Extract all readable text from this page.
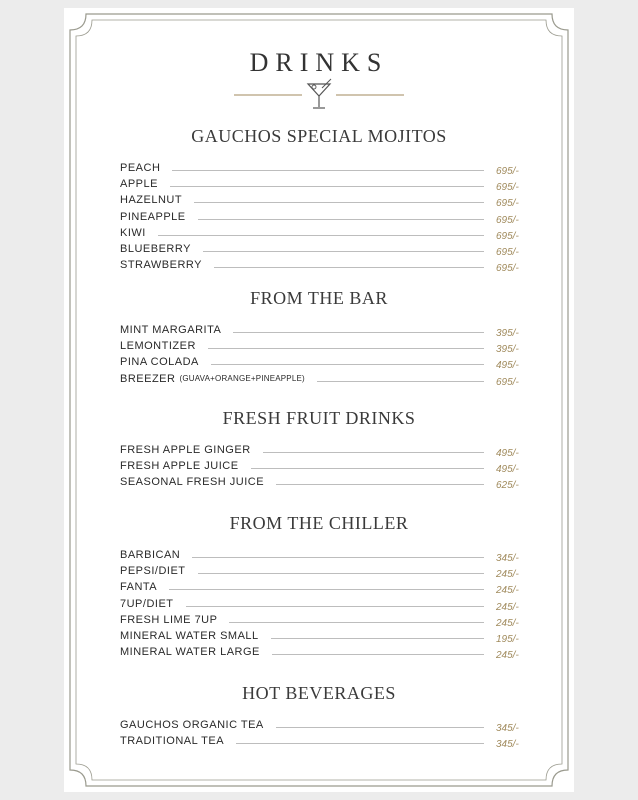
DRINKS
GAUCHOS SPECIAL MOJITOS
PEACH	695/-
APPLE	695/-
HAZELNUT	695/-
PINEAPPLE	695/-
KIWI	695/-
BLUEBERRY	695/-
STRAWBERRY	695/-
FROM THE BAR
MINT MARGARITA	395/-
LEMONTIZER	395/-
PINA COLADA	495/-
BREEZER (GUAVA+ORANGE+PINEAPPLE)	695/-
FRESH FRUIT DRINKS
FRESH APPLE GINGER	495/-
FRESH APPLE JUICE	495/-
SEASONAL FRESH JUICE	625/-
FROM THE CHILLER
BARBICAN	345/-
PEPSI/DIET	245/-
FANTA	245/-
7UP/DIET	245/-
FRESH LIME 7UP	245/-
MINERAL WATER SMALL	195/-
MINERAL WATER LARGE	245/-
HOT BEVERAGES
GAUCHOS ORGANIC TEA	345/-
TRADITIONAL TEA	345/-
